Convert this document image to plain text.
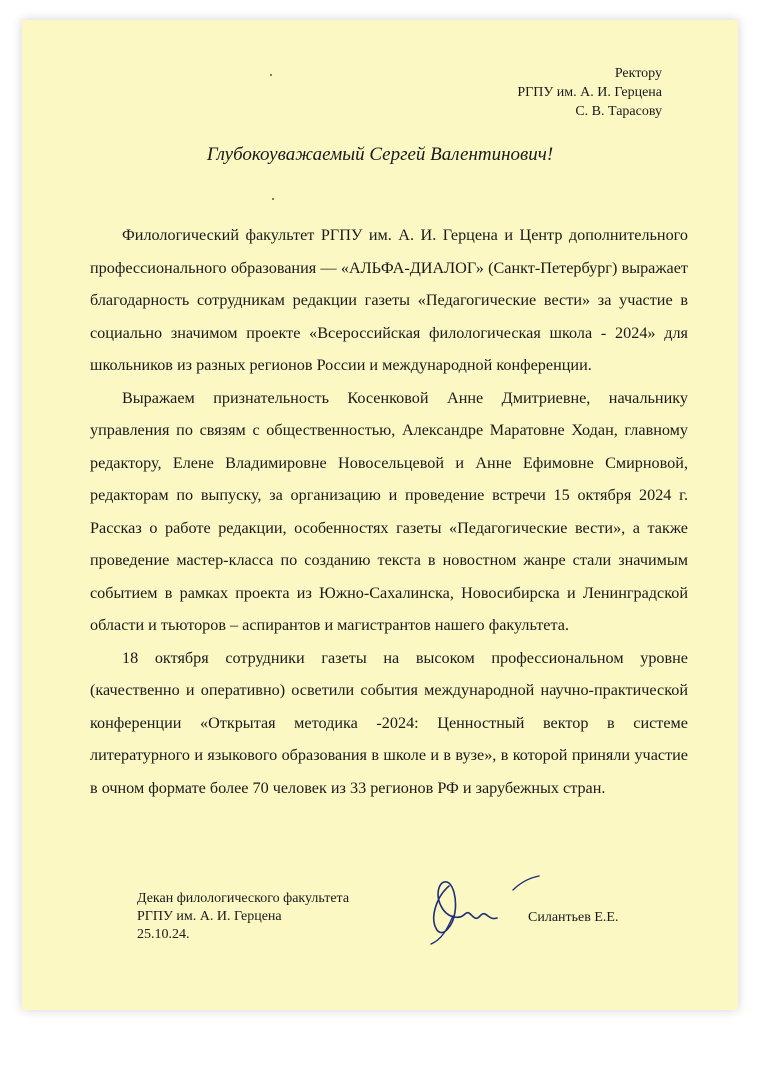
Ректору
РГПУ им. А. И. Герцена
С. В. Тарасову
Глубокоуважаемый Сергей Валентинович!

Филологический факультет РГПУ им. А. И. Герцена и Центр дополнительного профессионального образования — «АЛЬФА-ДИАЛОГ» (Санкт-Петербург) выражает благодарность сотрудникам редакции газеты «Педагогические вести» за участие в социально значимом проекте «Всероссийская филологическая школа - 2024» для школьников из разных регионов России и международной конференции.

Выражаем признательность Косенковой Анне Дмитриевне, начальнику управления по связям с общественностью, Александре Маратовне Ходан, главному редактору, Елене Владимировне Новосельцевой и Анне Ефимовне Смирновой, редакторам по выпуску, за организацию и проведение встречи 15 октября 2024 г. Рассказ о работе редакции, особенностях газеты «Педагогические вести», а также проведение мастер-класса по созданию текста в новостном жанре стали значимым событием в рамках проекта из Южно-Сахалинска, Новосибирска и Ленинградской области и тьюторов – аспирантов и магистрантов нашего факультета.

18 октября сотрудники газеты на высоком профессиональном уровне (качественно и оперативно) осветили события международной научно-практической конференции «Открытая методика -2024: Ценностный вектор в системе литературного и языкового образования в школе и в вузе», в которой приняли участие в очном формате более 70 человек из 33 регионов РФ и зарубежных стран.

Декан филологического факультета
РГПУ им. А. И. Герцена
25.10.24.
Силантьев Е.Е.
